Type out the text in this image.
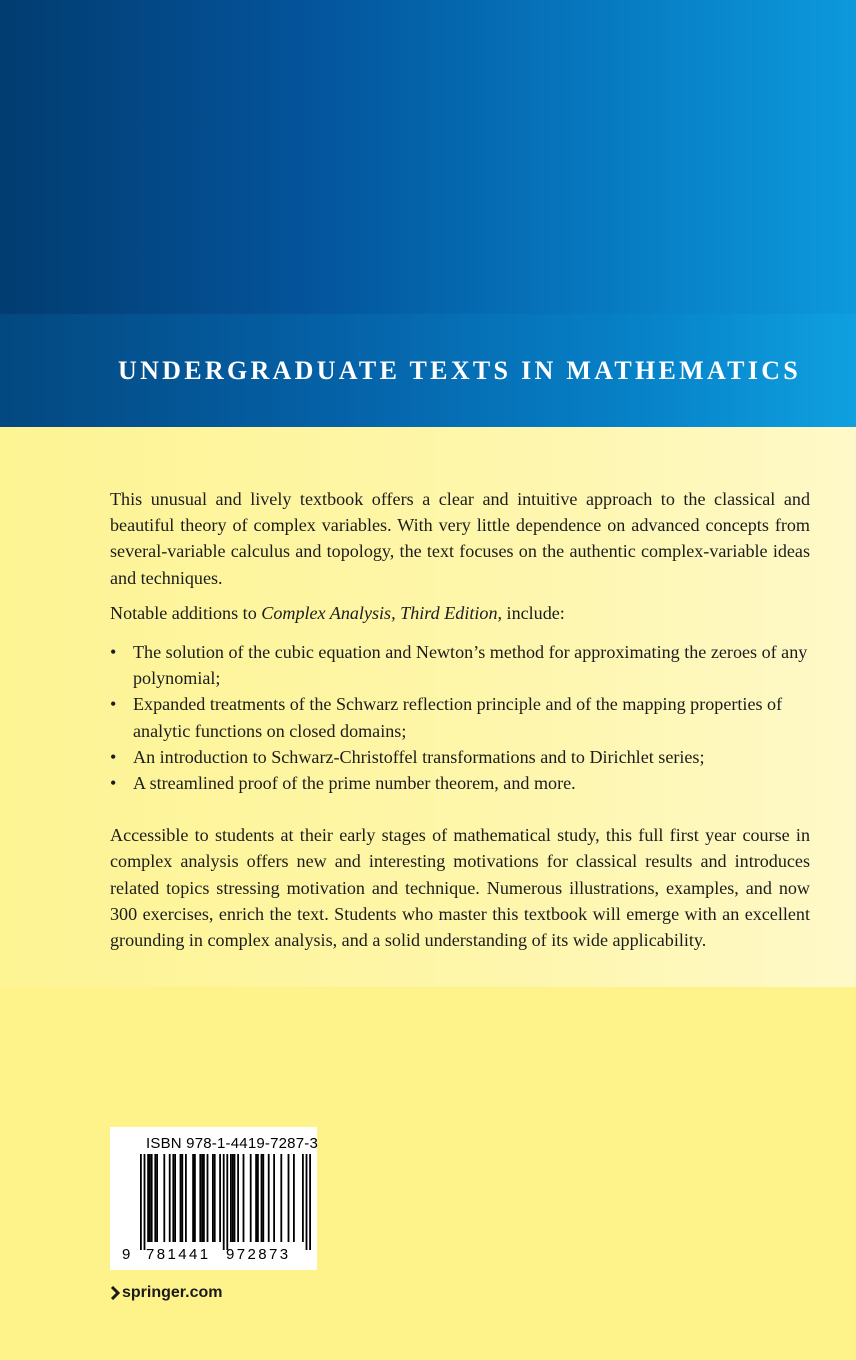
UNDERGRADUATE TEXTS IN MATHEMATICS

This unusual and lively textbook offers a clear and intuitive approach to the classical and beautiful theory of complex variables. With very little dependence on advanced concepts from several-variable calculus and topology, the text focuses on the authentic complex-variable ideas and techniques.

Notable additions to Complex Analysis, Third Edition, include:

• The solution of the cubic equation and Newton’s method for approximating the zeroes of any polynomial;
• Expanded treatments of the Schwarz reflection principle and of the mapping properties of analytic functions on closed domains;
• An introduction to Schwarz-Christoffel transformations and to Dirichlet series;
• A streamlined proof of the prime number theorem, and more.

Accessible to students at their early stages of mathematical study, this full first year course in complex analysis offers new and interesting motivations for classical results and introduces related topics stressing motivation and technique. Numerous illustrations, examples, and now 300 exercises, enrich the text. Students who master this textbook will emerge with an excellent grounding in complex analysis, and a solid understanding of its wide applicability.

ISBN 978-1-4419-7287-3
9 781441 972873
springer.com
